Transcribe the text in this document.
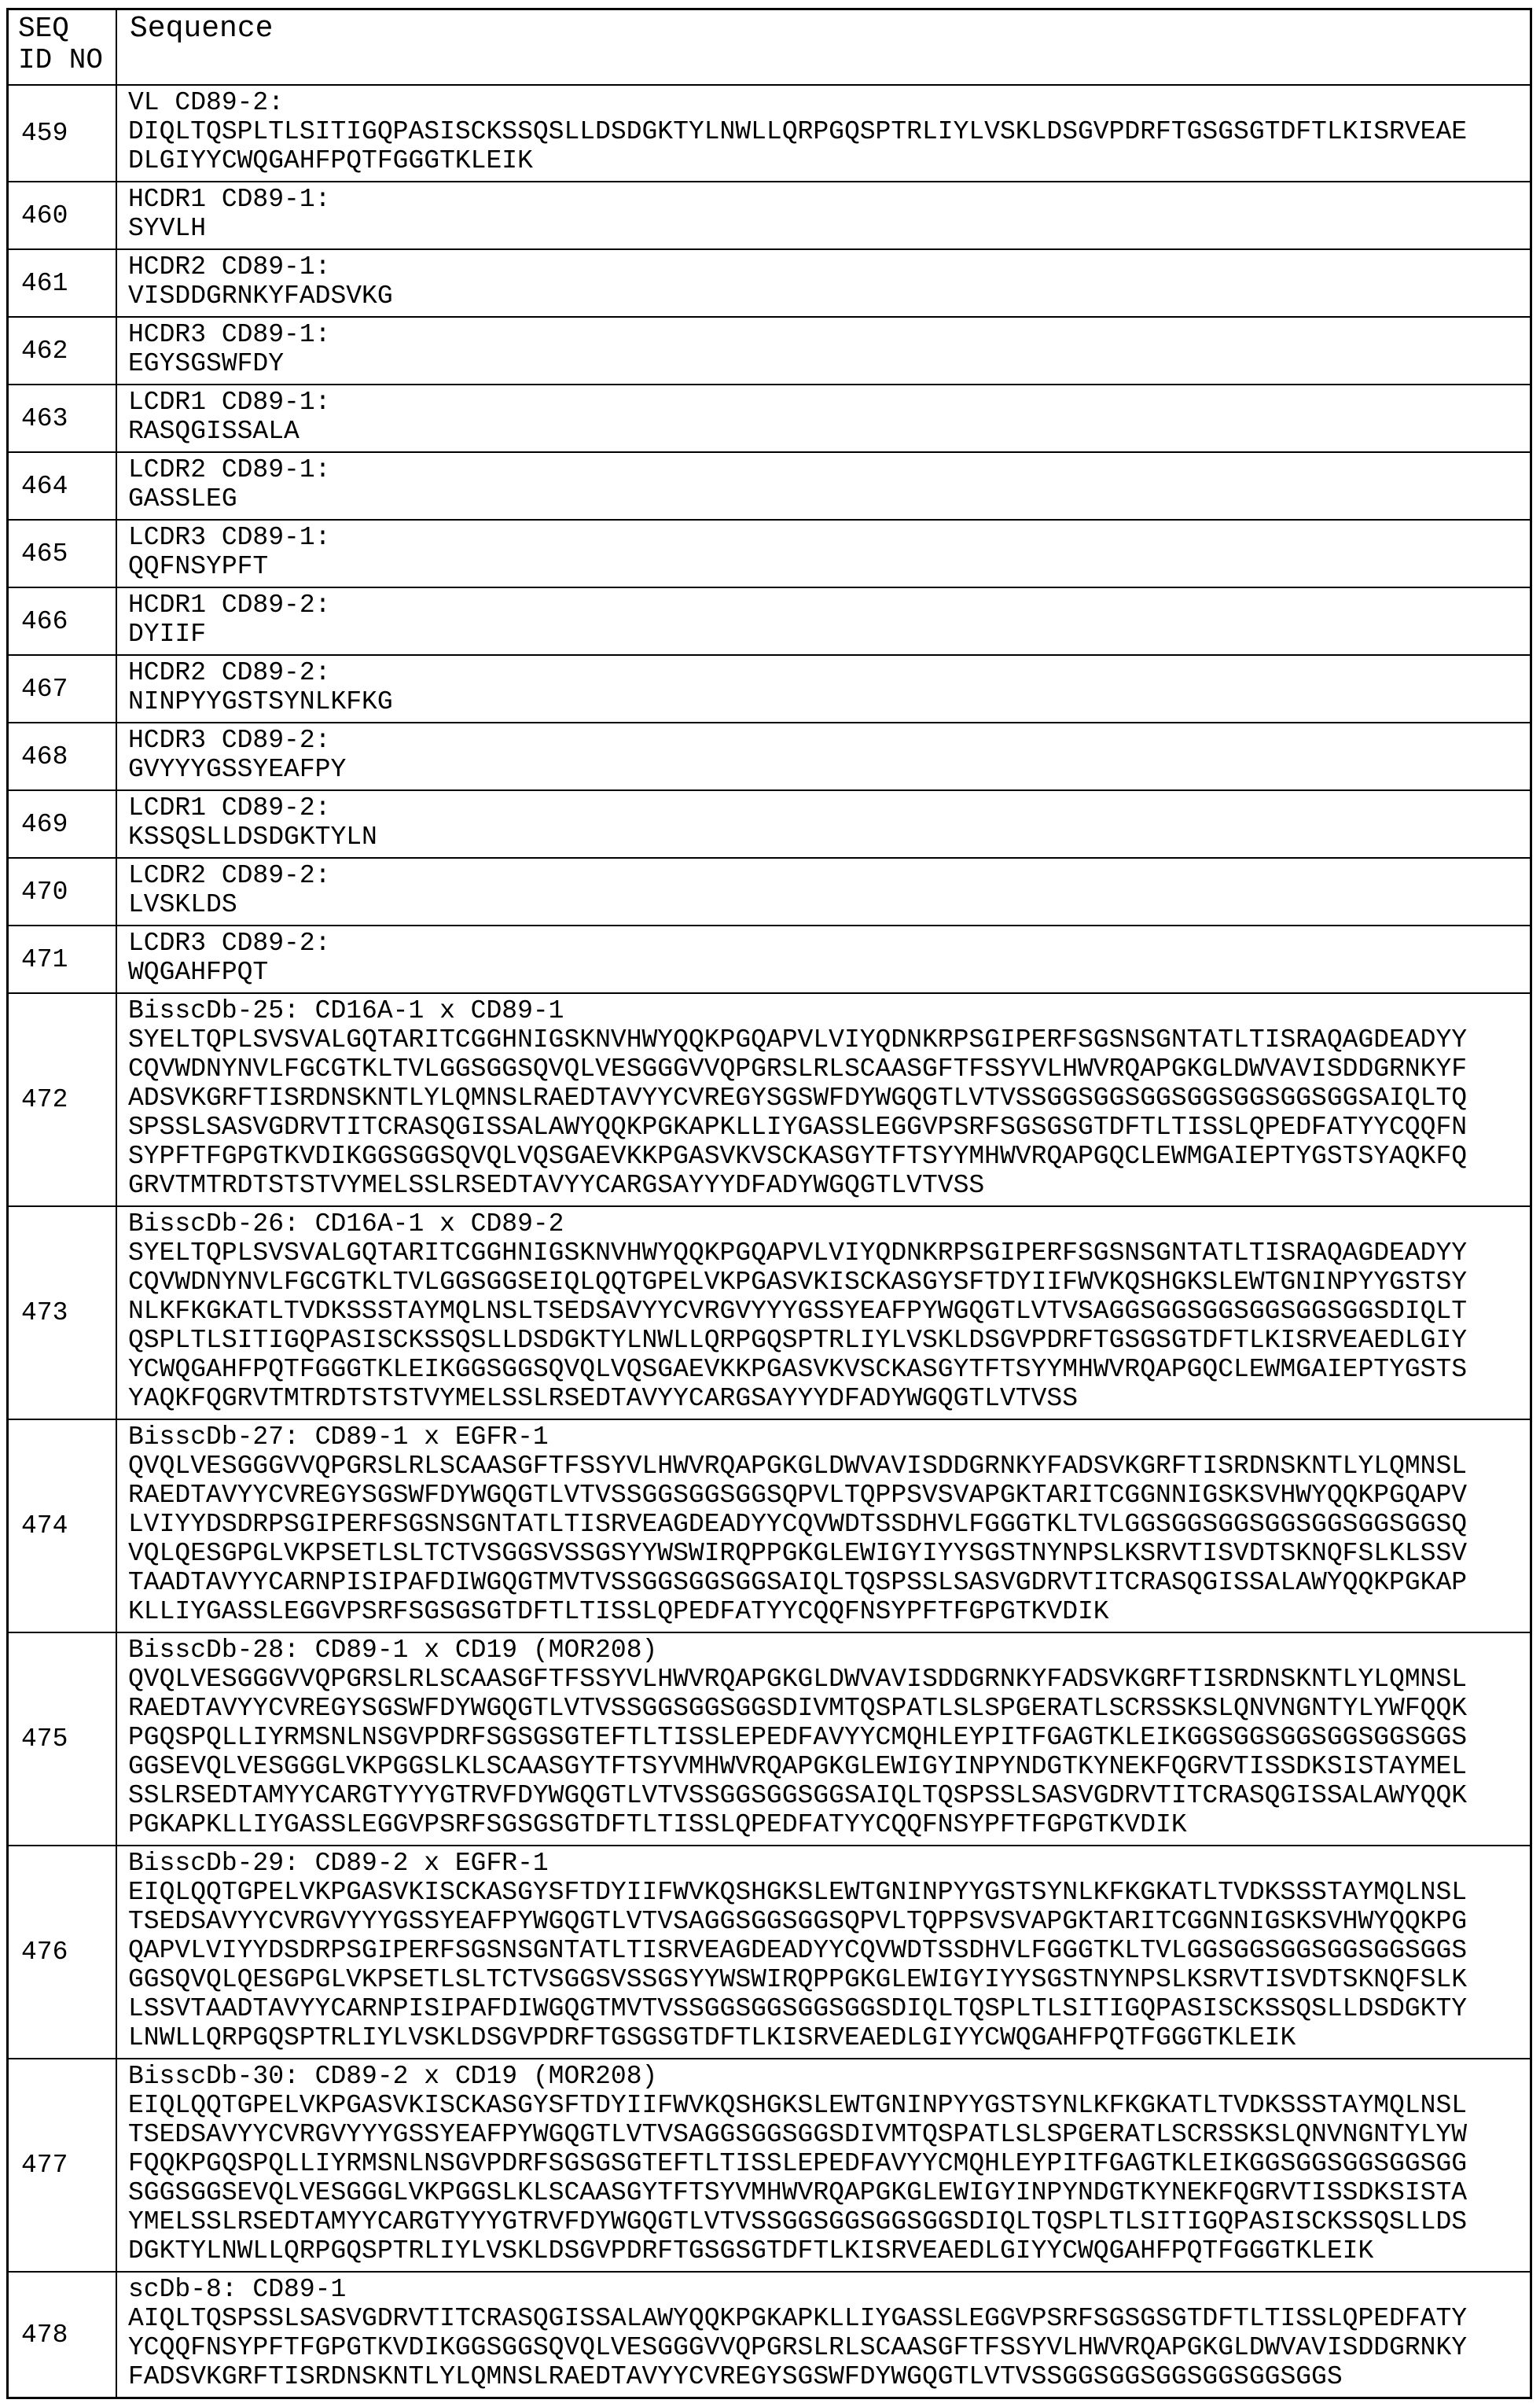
SEQ
ID NO	Sequence
459	VL CD89-2:
DIQLTQSPLTLSITIGQPASISCKSSQSLLDSDGKTYLNWLLQRPGQSPTRLIYLVSKLDSGVPDRFTGSGSGTDFTLKISRVEAEDLGIYYCWQGAHFPQTFGGGTKLEIK

460	HCDR1 CD89-1:
SYVLH

461	HCDR2 CD89-1:
VISDDGRNKYFADSVKG

462	HCDR3 CD89-1:
EGYSGSWFDY

463	LCDR1 CD89-1:
RASQGISSALA

464	LCDR2 CD89-1:
GASSLEG

465	LCDR3 CD89-1:
QQFNSYPFT

466	HCDR1 CD89-2:
DYIIF

467	HCDR2 CD89-2:
NINPYYGSTSYNLKFKG

468	HCDR3 CD89-2:
GVYYYGSSYEAFPY

469	LCDR1 CD89-2:
KSSQSLLDSDGKTYLN

470	LCDR2 CD89-2:
LVSKLDS

471	LCDR3 CD89-2:
WQGAHFPQT

472	BisscDb-25: CD16A-1 x CD89-1
SYELTQPLSVSVALGQTARITCGGHNIGSKNVHWYQQKPGQAPVLVIYQDNKRPSGIPERFSGSNSGNTATLTISRAQAGDEADYYCQVWDNYNVLFGCGTKLTVLGGSGGSQVQLVESGGGVVQPGRSLRLSCAASGFTFSSYVLHWVRQAPGKGLDWVAVISDDGRNKYFADSVKGRFTISRDNSKNTLYLQMNSLRAEDTAVYYCVREGYSGSWFDYWGQGTLVTVSSGGSGGSGGSGGSGGSGGSGGSAIQLTQSPSSLSASVGDRVTITCRASQGISSALAWYQQKPGKAPKLLIYGASSLEGGVPSRFSGSGSGTDFTLTISSLQPEDFATYYCQQFNSYPFTFGPGTKVDIKGGSGGSQVQLVQSGAEVKKPGASVKVSCKASGYTFTSYYMHWVRQAPGQCLEWMGAIEPTYGSTSYAQKFQGRVTMTRDTSTSTVYMELSSLRSEDTAVYYCARGSAYYYDFADYWGQGTLVTVSS

473	BisscDb-26: CD16A-1 x CD89-2
SYELTQPLSVSVALGQTARITCGGHNIGSKNVHWYQQKPGQAPVLVIYQDNKRPSGIPERFSGSNSGNTATLTISRAQAGDEADYYCQVWDNYNVLFGCGTKLTVLGGSGGSEIQLQQTGPELVKPGASVKISCKASGYSFTDYIIFWVKQSHGKSLEWTGNINPYYGSTSYNLKFKGKATLTVDKSSSTAYMQLNSLTSEDSAVYYCVRGVYYYGSSYEAFPYWGQGTLVTVSAGGSGGSGGSGGSGGSGGSDIQLTQSPLTLSITIGQPASISCKSSQSLLDSDGKTYLNWLLQRPGQSPTRLIYLVSKLDSGVPDRFTGSGSGTDFTLKISRVEAEDLGIYYCWQGAHFPQTFGGGTKLEIKGGSGGSQVQLVQSGAEVKKPGASVKVSCKASGYTFTSYYMHWVRQAPGQCLEWMGAIEPTYGSTSYAQKFQGRVTMTRDTSTSTVYMELSSLRSEDTAVYYCARGSAYYYDFADYWGQGTLVTVSS

474	BisscDb-27: CD89-1 x EGFR-1
QVQLVESGGGVVQPGRSLRLSCAASGFTFSSYVLHWVRQAPGKGLDWVAVISDDGRNKYFADSVKGRFTISRDNSKNTLYLQMNSLRAEDTAVYYCVREGYSGSWFDYWGQGTLVTVSSGGSGGSGGSQPVLTQPPSVSVAPGKTARITCGGNNIGSKSVHWYQQKPGQAPVLVIYYDSDRPSGIPERFSGSNSGNTATLTISRVEAGDEADYYCQVWDTSSDHVLFGGGTKLTVLGGSGGSGGSGGSGGSGGSGGSQVQLQESGPGLVKPSETLSLTCTVSGGSVSSGSYYWSWIRQPPGKGLEWIGYIYYSGSTNYNPSLKSRVTISVDTSKNQFSLKLSSVTAADTAVYYCARNPISIPAFDIWGQGTMVTVSSGGSGGSGGSAIQLTQSPSSLSASVGDRVTITCRASQGISSALAWYQQKPGKAPKLLIYGASSLEGGVPSRFSGSGSGTDFTLTISSLQPEDFATYYCQQFNSYPFTFGPGTKVDIK

475	BisscDb-28: CD89-1 x CD19 (MOR208)
QVQLVESGGGVVQPGRSLRLSCAASGFTFSSYVLHWVRQAPGKGLDWVAVISDDGRNKYFADSVKGRFTISRDNSKNTLYLQMNSLRAEDTAVYYCVREGYSGSWFDYWGQGTLVTVSSGGSGGSGGSDIVMTQSPATLSLSPGERATLSCRSSKSLQNVNGNTYLYWFQQKPGQSPQLLIYRMSNLNSGVPDRFSGSGSGTEFTLTISSLEPEDFAVYYCMQHLEYPITFGAGTKLEIKGGSGGSGGSGGSGGSGGSGGSEVQLVESGGGLVKPGGSLKLSCAASGYTFTSYVMHWVRQAPGKGLEWIGYINPYNDGTKYNEKFQGRVTISSDKSISTAYMELSSLRSEDTAMYYCARGTYYYGTRVFDYWGQGTLVTVSSGGSGGSGGSAIQLTQSPSSLSASVGDRVTITCRASQGISSALAWYQQKPGKAPKLLIYGASSLEGGVPSRFSGSGSGTDFTLTISSLQPEDFATYYCQQFNSYPFTFGPGTKVDIK

476	BisscDb-29: CD89-2 x EGFR-1
EIQLQQTGPELVKPGASVKISCKASGYSFTDYIIFWVKQSHGKSLEWTGNINPYYGSTSYNLKFKGKATLTVDKSSSTAYMQLNSLTSEDSAVYYCVRGVYYYGSSYEAFPYWGQGTLVTVSAGGSGGSGGSQPVLTQPPSVSVAPGKTARITCGGNNIGSKSVHWYQQKPGQAPVLVIYYDSDRPSGIPERFSGSNSGNTATLTISRVEAGDEADYYCQVWDTSSDHVLFGGGTKLTVLGGSGGSGGSGGSGGSGGSGGSQVQLQESGPGLVKPSETLSLTCTVSGGSVSSGSYYWSWIRQPPGKGLEWIGYIYYSGSTNYNPSLKSRVTISVDTSKNQFSLKLSSVTAADTAVYYCARNPISIPAFDIWGQGTMVTVSSGGSGGSGGSGGSDIQLTQSPLTLSITIGQPASISCKSSQSLLDSDGKTYLNWLLQRPGQSPTRLIYLVSKLDSGVPDRFTGSGSGTDFTLKISRVEAEDLGIYYCWQGAHFPQTFGGGTKLEIK

477	BisscDb-30: CD89-2 x CD19 (MOR208)
EIQLQQTGPELVKPGASVKISCKASGYSFTDYIIFWVKQSHGKSLEWTGNINPYYGSTSYNLKFKGKATLTVDKSSSTAYMQLNSLTSEDSAVYYCVRGVYYYGSSYEAFPYWGQGTLVTVSAGGSGGSGGSDIVMTQSPATLSLSPGERATLSCRSSKSLQNVNGNTYLYWFQQKPGQSPQLLIYRMSNLNSGVPDRFSGSGSGTEFTLTISSLEPEDFAVYYCMQHLEYPITFGAGTKLEIKGGSGGSGGSGGSGGSGGSGGSEVQLVESGGGLVKPGGSLKLSCAASGYTFTSYVMHWVRQAPGKGLEWIGYINPYNDGTKYNEKFQGRVTISSDKSISTAYMELSSLRSEDTAMYYCARGTYYYGTRVFDYWGQGTLVTVSSGGSGGSGGSGGSDIQLTQSPLTLSITIGQPASISCKSSQSLLDSDGKTYLNWLLQRPGQSPTRLIYLVSKLDSGVPDRFTGSGSGTDFTLKISRVEAEDLGIYYCWQGAHFPQTFGGGTKLEIK

478	scDb-8: CD89-1
AIQLTQSPSSLSASVGDRVTITCRASQGISSALAWYQQKPGKAPKLLIYGASSLEGGVPSRFSGSGSGTDFTLTISSLQPEDFATYYCQQFNSYPFTFGPGTKVDIKGGSGGSQVQLVESGGGVVQPGRSLRLSCAASGFTFSSYVLHWVRQAPGKGLDWVAVISDDGRNKYFADSVKGRFTISRDNSKNTLYLQMNSLRAEDTAVYYCVREGYSGSWFDYWGQGTLVTVSSGGSGGSGGSGGSGGSGGS
